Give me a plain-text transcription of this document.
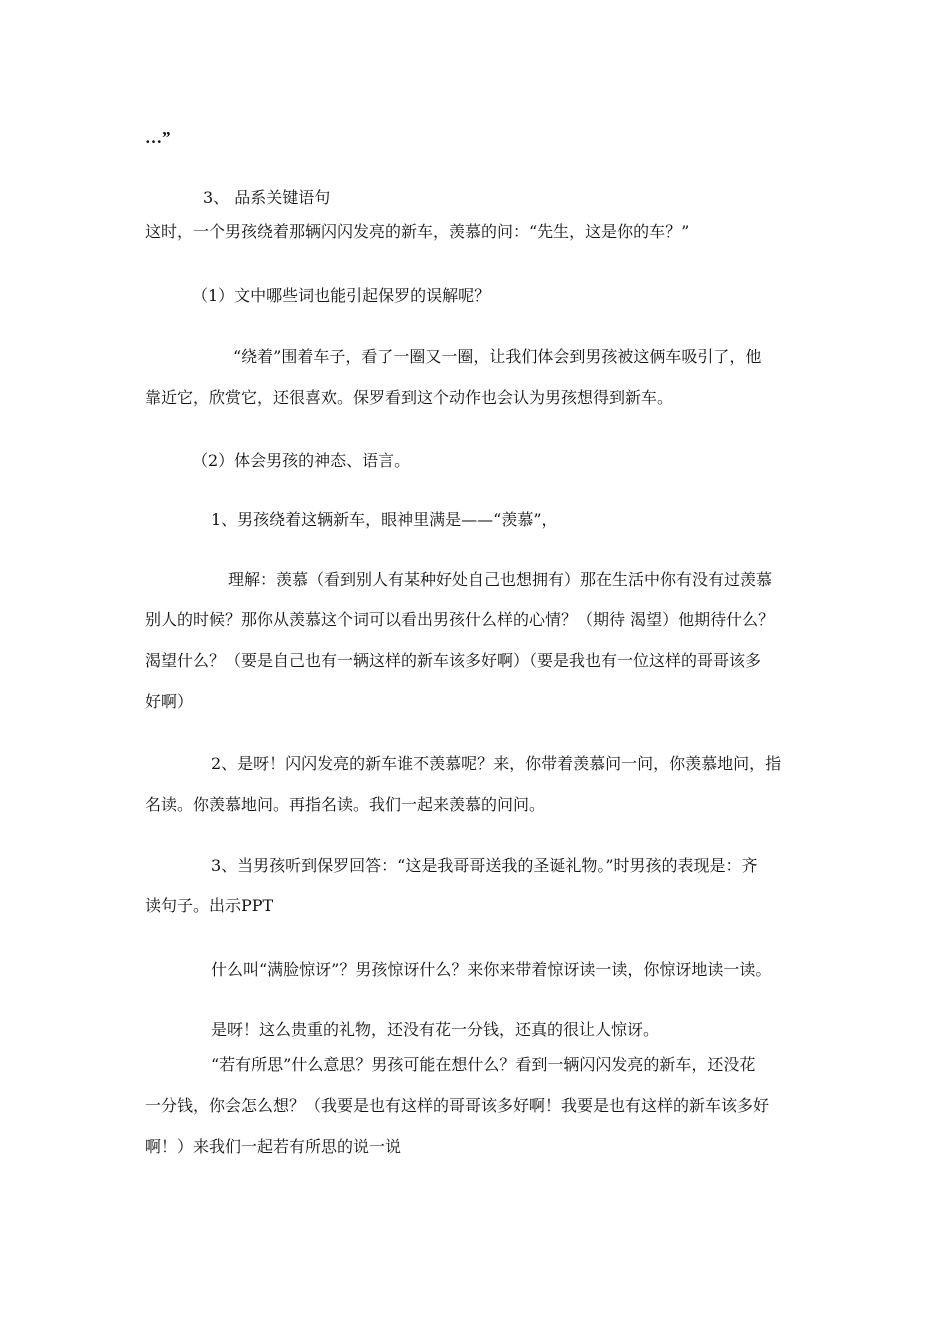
…”
3、 品系关键语句
这时，一个男孩绕着那辆闪闪发亮的新车，羡慕的问：“先生，这是你的车？”
（1）文中哪些词也能引起保罗的误解呢？
“绕着”围着车子，看了一圈又一圈，让我们体会到男孩被这俩车吸引了，他
靠近它，欣赏它，还很喜欢。保罗看到这个动作也会认为男孩想得到新车。
（2）体会男孩的神态、语言。
1、男孩绕着这辆新车，眼神里满是——“羡慕”，
理解：羡慕（看到别人有某种好处自己也想拥有）那在生活中你有没有过羡慕
别人的时候？那你从羡慕这个词可以看出男孩什么样的心情？（期待 渴望）他期待什么？
渴望什么？（要是自己也有一辆这样的新车该多好啊）（要是我也有一位这样的哥哥该多
好啊）
2、是呀！闪闪发亮的新车谁不羡慕呢？来，你带着羡慕问一问，你羡慕地问，指
名读。你羡慕地问。再指名读。我们一起来羡慕的问问。
3、当男孩听到保罗回答：“这是我哥哥送我的圣诞礼物。”时男孩的表现是：齐
读句子。出示PPT
什么叫“满脸惊讶”？男孩惊讶什么？来你来带着惊讶读一读，你惊讶地读一读。
是呀！这么贵重的礼物，还没有花一分钱，还真的很让人惊讶。
“若有所思”什么意思？男孩可能在想什么？看到一辆闪闪发亮的新车，还没花
一分钱，你会怎么想？（我要是也有这样的哥哥该多好啊！我要是也有这样的新车该多好
啊！）来我们一起若有所思的说一说
